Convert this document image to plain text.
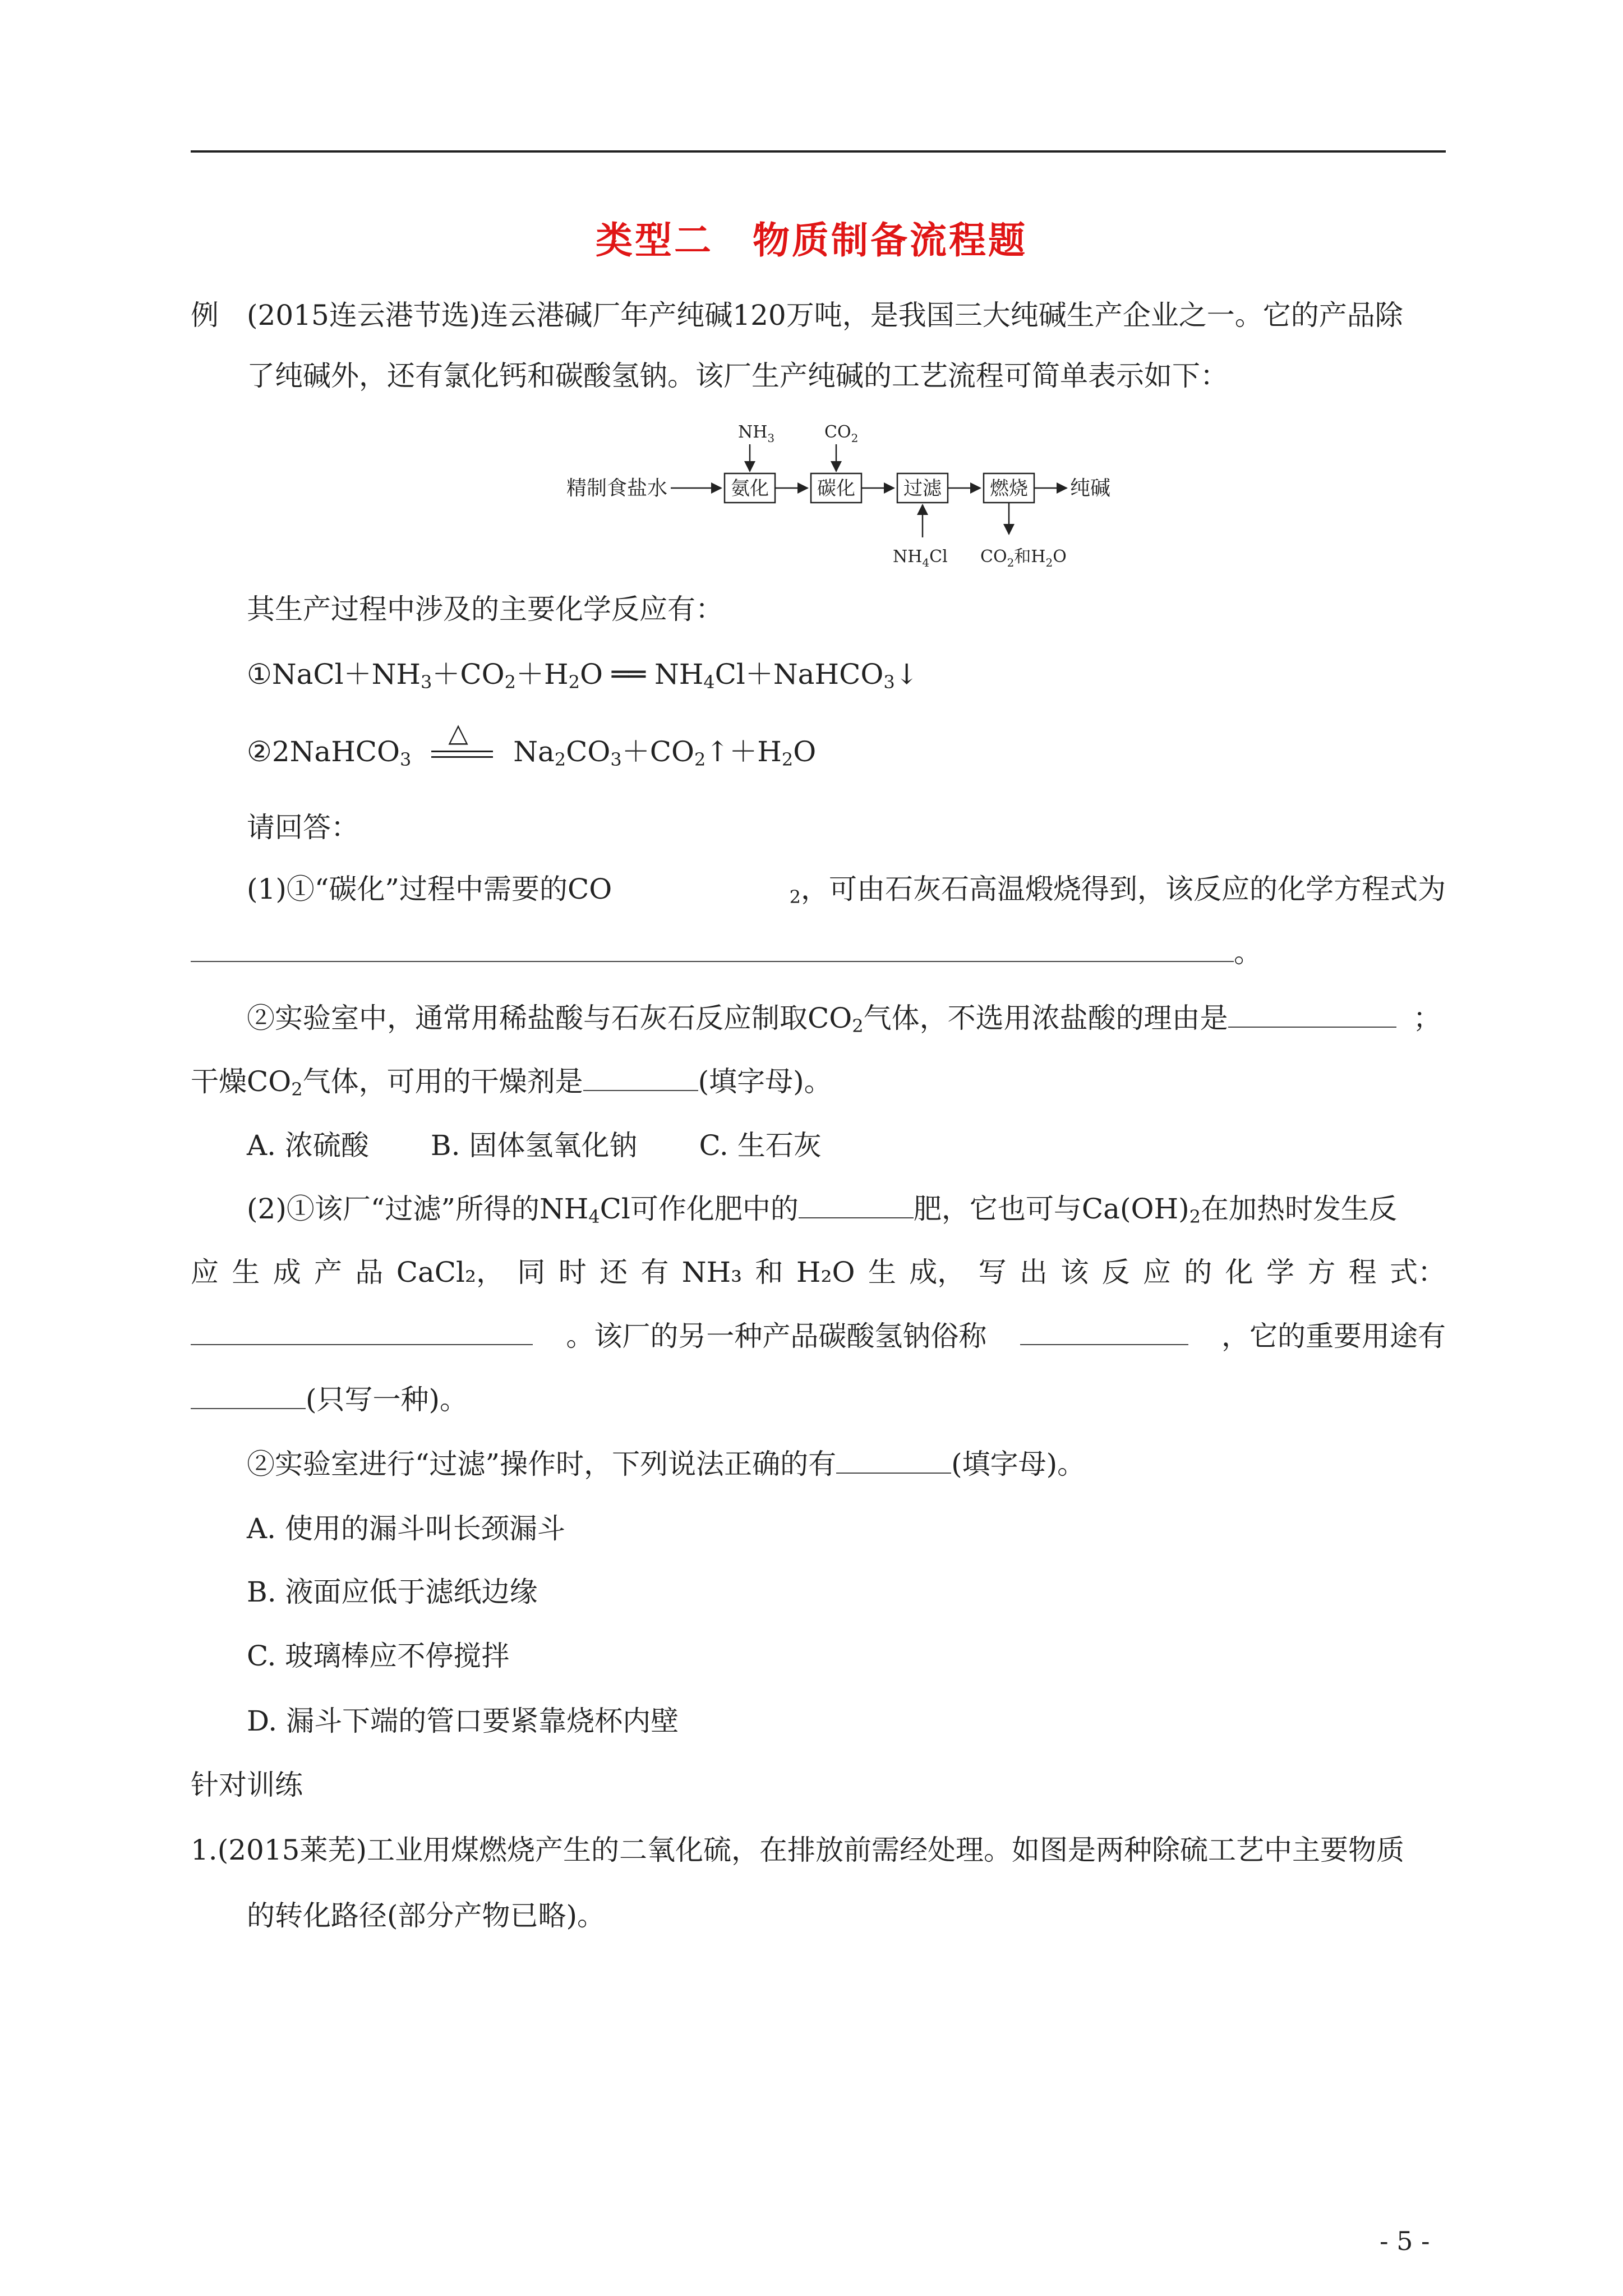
类型二　物质制备流程题
例 (2015连云港节选)连云港碱厂年产纯碱120万吨，是我国三大纯碱生产企业之一。它的产品除
了纯碱外，还有氯化钙和碳酸氢钠。该厂生产纯碱的工艺流程可简单表示如下：
精制食盐水	氨化	碳化	过滤	燃烧 纯碱
$NH_3$	$CO_2$
$NH_4Cl$ $CO_2$和$H_2O$
其生产过程中涉及的主要化学反应有：
$①NaCl+NH_3+CO_2+H_2O$ ══ $NH_4Cl+NaHCO_3↓$
②2NaHCO$_3$
△
$Na_2CO_3+CO_2↑+H_2O$
请回答：
(1)①“碳化”过程中需要的CO	$_2$，可由石灰石高温煅烧得到，该反应的化学方程式为
。
②实验室中，通常用稀盐酸与石灰石反应制取$CO_2$气体，不选用浓盐酸的理由是	；
干燥$CO_2$气体，可用的干燥剂是	(填字母)。
A. 浓硫酸 B. 固体氢氧化钠 C. 生石灰
(2)①该厂“过滤”所得的$NH_4Cl$可作化肥中的	肥，它也可与$Ca(OH)_2$在加热时发生反
应 生 成 产 品 CaCl₂， 同 时 还 有 NH₃ 和 H₂O 生 成， 写 出 该 反 应 的 化 学 方 程 式：
。该厂的另一种产品碳酸氢钠俗称	，它的重要用途有
(只写一种)。
②实验室进行“过滤”操作时，下列说法正确的有	(填字母)。
A. 使用的漏斗叫长颈漏斗
B. 液面应低于滤纸边缘
C. 玻璃棒应不停搅拌
D. 漏斗下端的管口要紧靠烧杯内壁
针对训练
1.(2015莱芜)工业用煤燃烧产生的二氧化硫，在排放前需经处理。如图是两种除硫工艺中主要物质
的转化路径(部分产物已略)。
- 5 -
